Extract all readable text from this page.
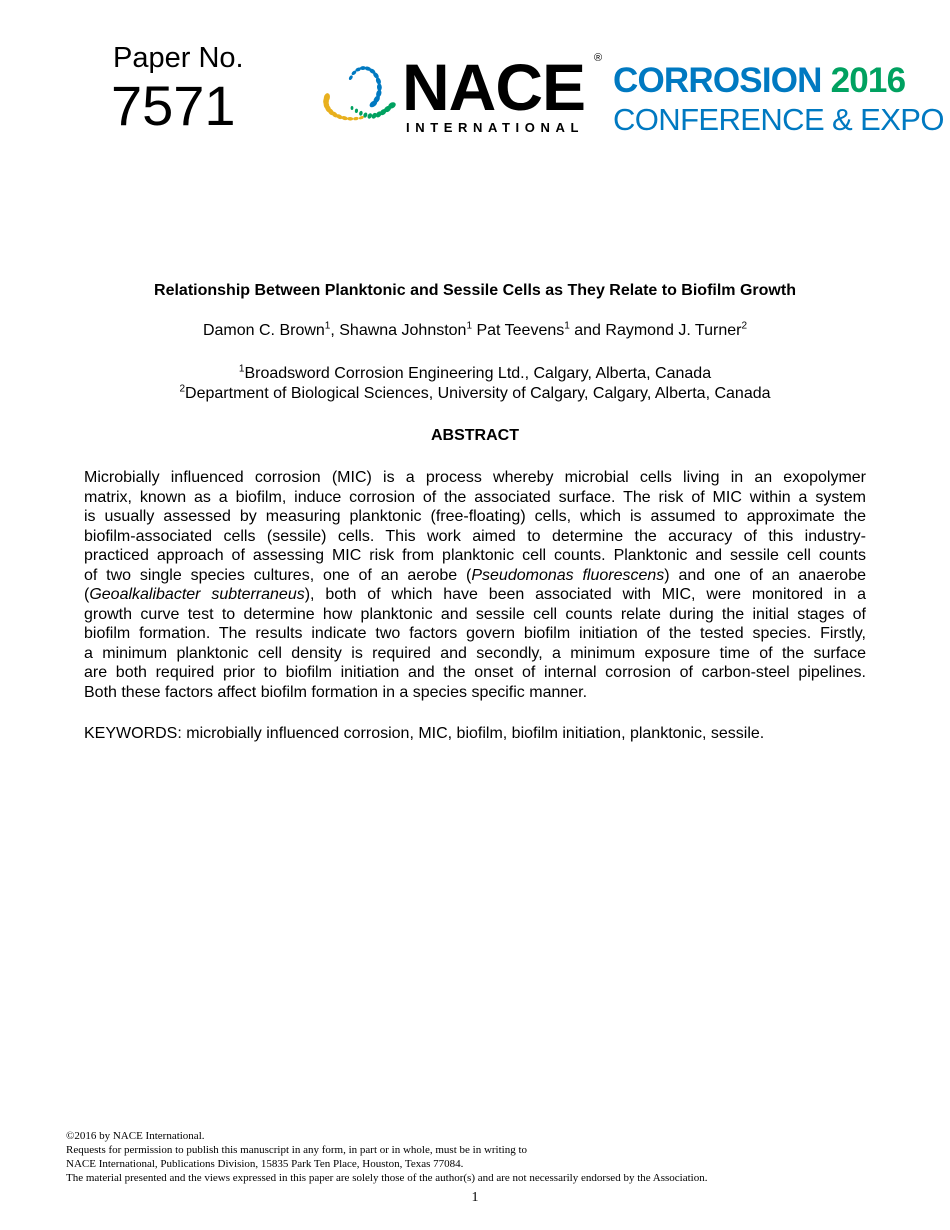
Paper No.
7571	NACE ®
INTERNATIONAL
CORROSION 2016
CONFERENCE & EXPO
Relationship Between Planktonic and Sessile Cells as They Relate to Biofilm Growth
Damon C. Brown$^1$, Shawna Johnston$^1$ Pat Teevens$^1$ and Raymond J. Turner$^2$
$^1$Broadsword Corrosion Engineering Ltd., Calgary, Alberta, Canada
$^2$Department of Biological Sciences, University of Calgary, Calgary, Alberta, Canada
ABSTRACT
Microbially influenced corrosion (MIC) is a process whereby microbial cells living in an exopolymer
matrix, known as a biofilm, induce corrosion of the associated surface. The risk of MIC within a system
is usually assessed by measuring planktonic (free-floating) cells, which is assumed to approximate the
biofilm-associated cells (sessile) cells. This work aimed to determine the accuracy of this industry-
practiced approach of assessing MIC risk from planktonic cell counts. Planktonic and sessile cell counts
of two single species cultures, one of an aerobe (Pseudomonas fluorescens) and one of an anaerobe
(Geoalkalibacter subterraneus), both of which have been associated with MIC, were monitored in a
growth curve test to determine how planktonic and sessile cell counts relate during the initial stages of
biofilm formation. The results indicate two factors govern biofilm initiation of the tested species. Firstly,
a minimum planktonic cell density is required and secondly, a minimum exposure time of the surface
are both required prior to biofilm initiation and the onset of internal corrosion of carbon-steel pipelines.
Both these factors affect biofilm formation in a species specific manner.
KEYWORDS: microbially influenced corrosion, MIC, biofilm, biofilm initiation, planktonic, sessile.
©2016 by NACE International.
Requests for permission to publish this manuscript in any form, in part or in whole, must be in writing to
NACE International, Publications Division, 15835 Park Ten Place, Houston, Texas 77084.
The material presented and the views expressed in this paper are solely those of the author(s) and are not necessarily endorsed by the Association.
1
